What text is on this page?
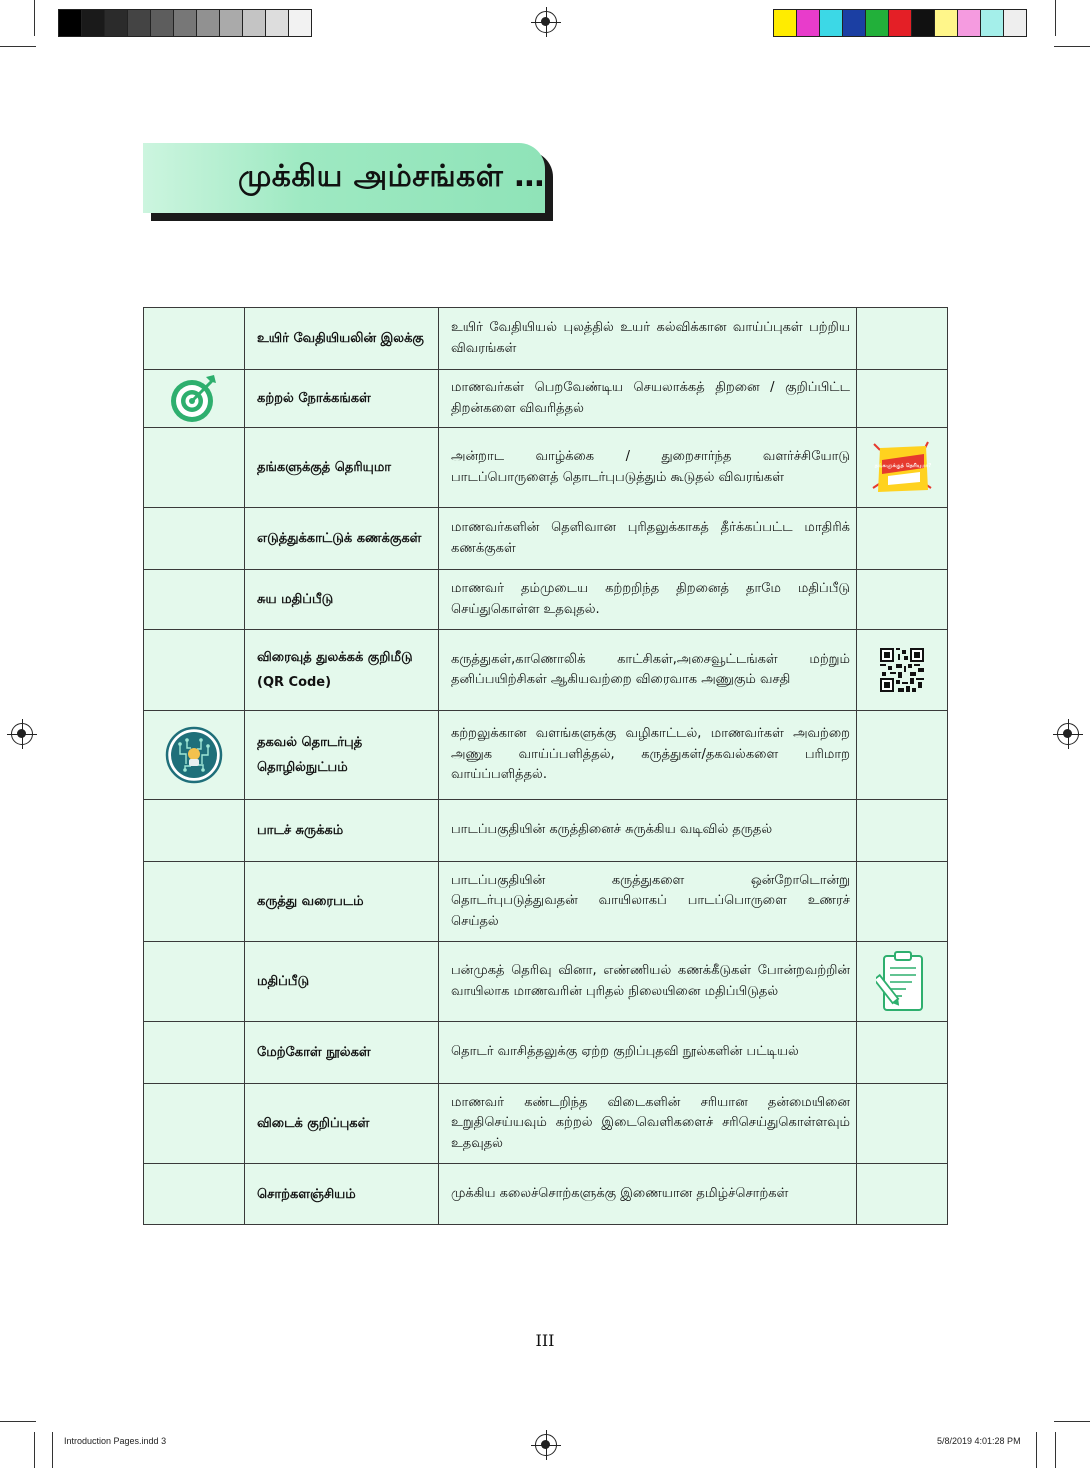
முக்கிய அம்சங்கள் …
	உயிர் வேதியியலின் இலக்கு	உயிர் வேதியியல் புலத்தில் உயர் கல்விக்கான வாய்ப்புகள் பற்றிய விவரங்கள்	

	கற்றல் நோக்கங்கள்	மாணவர்கள் பெறவேண்டிய செயலாக்கத் திறனை / குறிப்பிட்ட திறன்களை விவரித்தல்	
	தங்களுக்குத் தெரியுமா	அன்றாட வாழ்க்கை / துறைசார்ந்த வளர்ச்சியோடு பாடப்பொருளைத் தொடர்புபடுத்தும் கூடுதல் விவரங்கள்	தங்களுக்குத் தெரியுமா?

	எடுத்துக்காட்டுக் கணக்குகள்	மாணவர்களின் தெளிவான புரிதலுக்காகத் தீர்க்கப்பட்ட மாதிரிக் கணக்குகள்	
	சுய மதிப்பீடு	மாணவர் தம்முடைய கற்றறிந்த திறனைத் தாமே மதிப்பீடு செய்துகொள்ள உதவுதல்.	
	விரைவுத் துலக்கக் குறிமீடு (QR Code)	கருத்துகள்,காணொலிக் காட்சிகள்,அசைவூட்டங்கள் மற்றும் தனிப்பயிற்சிகள் ஆகியவற்றை விரைவாக அணுகும் வசதி	

	தகவல் தொடர்புத் தொழில்நுட்பம்	கற்றலுக்கான வளங்களுக்கு வழிகாட்டல், மாணவர்கள் அவற்றை அணுக வாய்ப்பளித்தல், கருத்துகள்/தகவல்களை பரிமாற வாய்ப்பளித்தல்.	
	பாடச் சுருக்கம்	பாடப்பகுதியின் கருத்தினைச் சுருக்கிய வடிவில் தருதல்	
	கருத்து வரைபடம்	பாடப்பகுதியின் கருத்துகளை ஒன்றோடொன்று தொடர்புபடுத்துவதன் வாயிலாகப் பாடப்பொருளை உணரச் செய்தல்	
	மதிப்பீடு	பன்முகத் தெரிவு வினா, எண்ணியல் கணக்கீடுகள் போன்றவற்றின் வாயிலாக மாணவரின் புரிதல் நிலையினை மதிப்பிடுதல்	

	மேற்கோள் நூல்கள்	தொடர் வாசித்தலுக்கு ஏற்ற குறிப்புதவி நூல்களின் பட்டியல்	
	விடைக் குறிப்புகள்	மாணவர் கண்டறிந்த விடைகளின் சரியான தன்மையினை உறுதிசெய்யவும் கற்றல் இடைவெளிகளைச் சரிசெய்துகொள்ளவும் உதவுதல்	
	சொற்களஞ்சியம்	முக்கிய கலைச்சொற்களுக்கு இணையான தமிழ்ச்சொற்கள்	
III
Introduction Pages.indd 3	5/8/2019 4:01:28 PM
